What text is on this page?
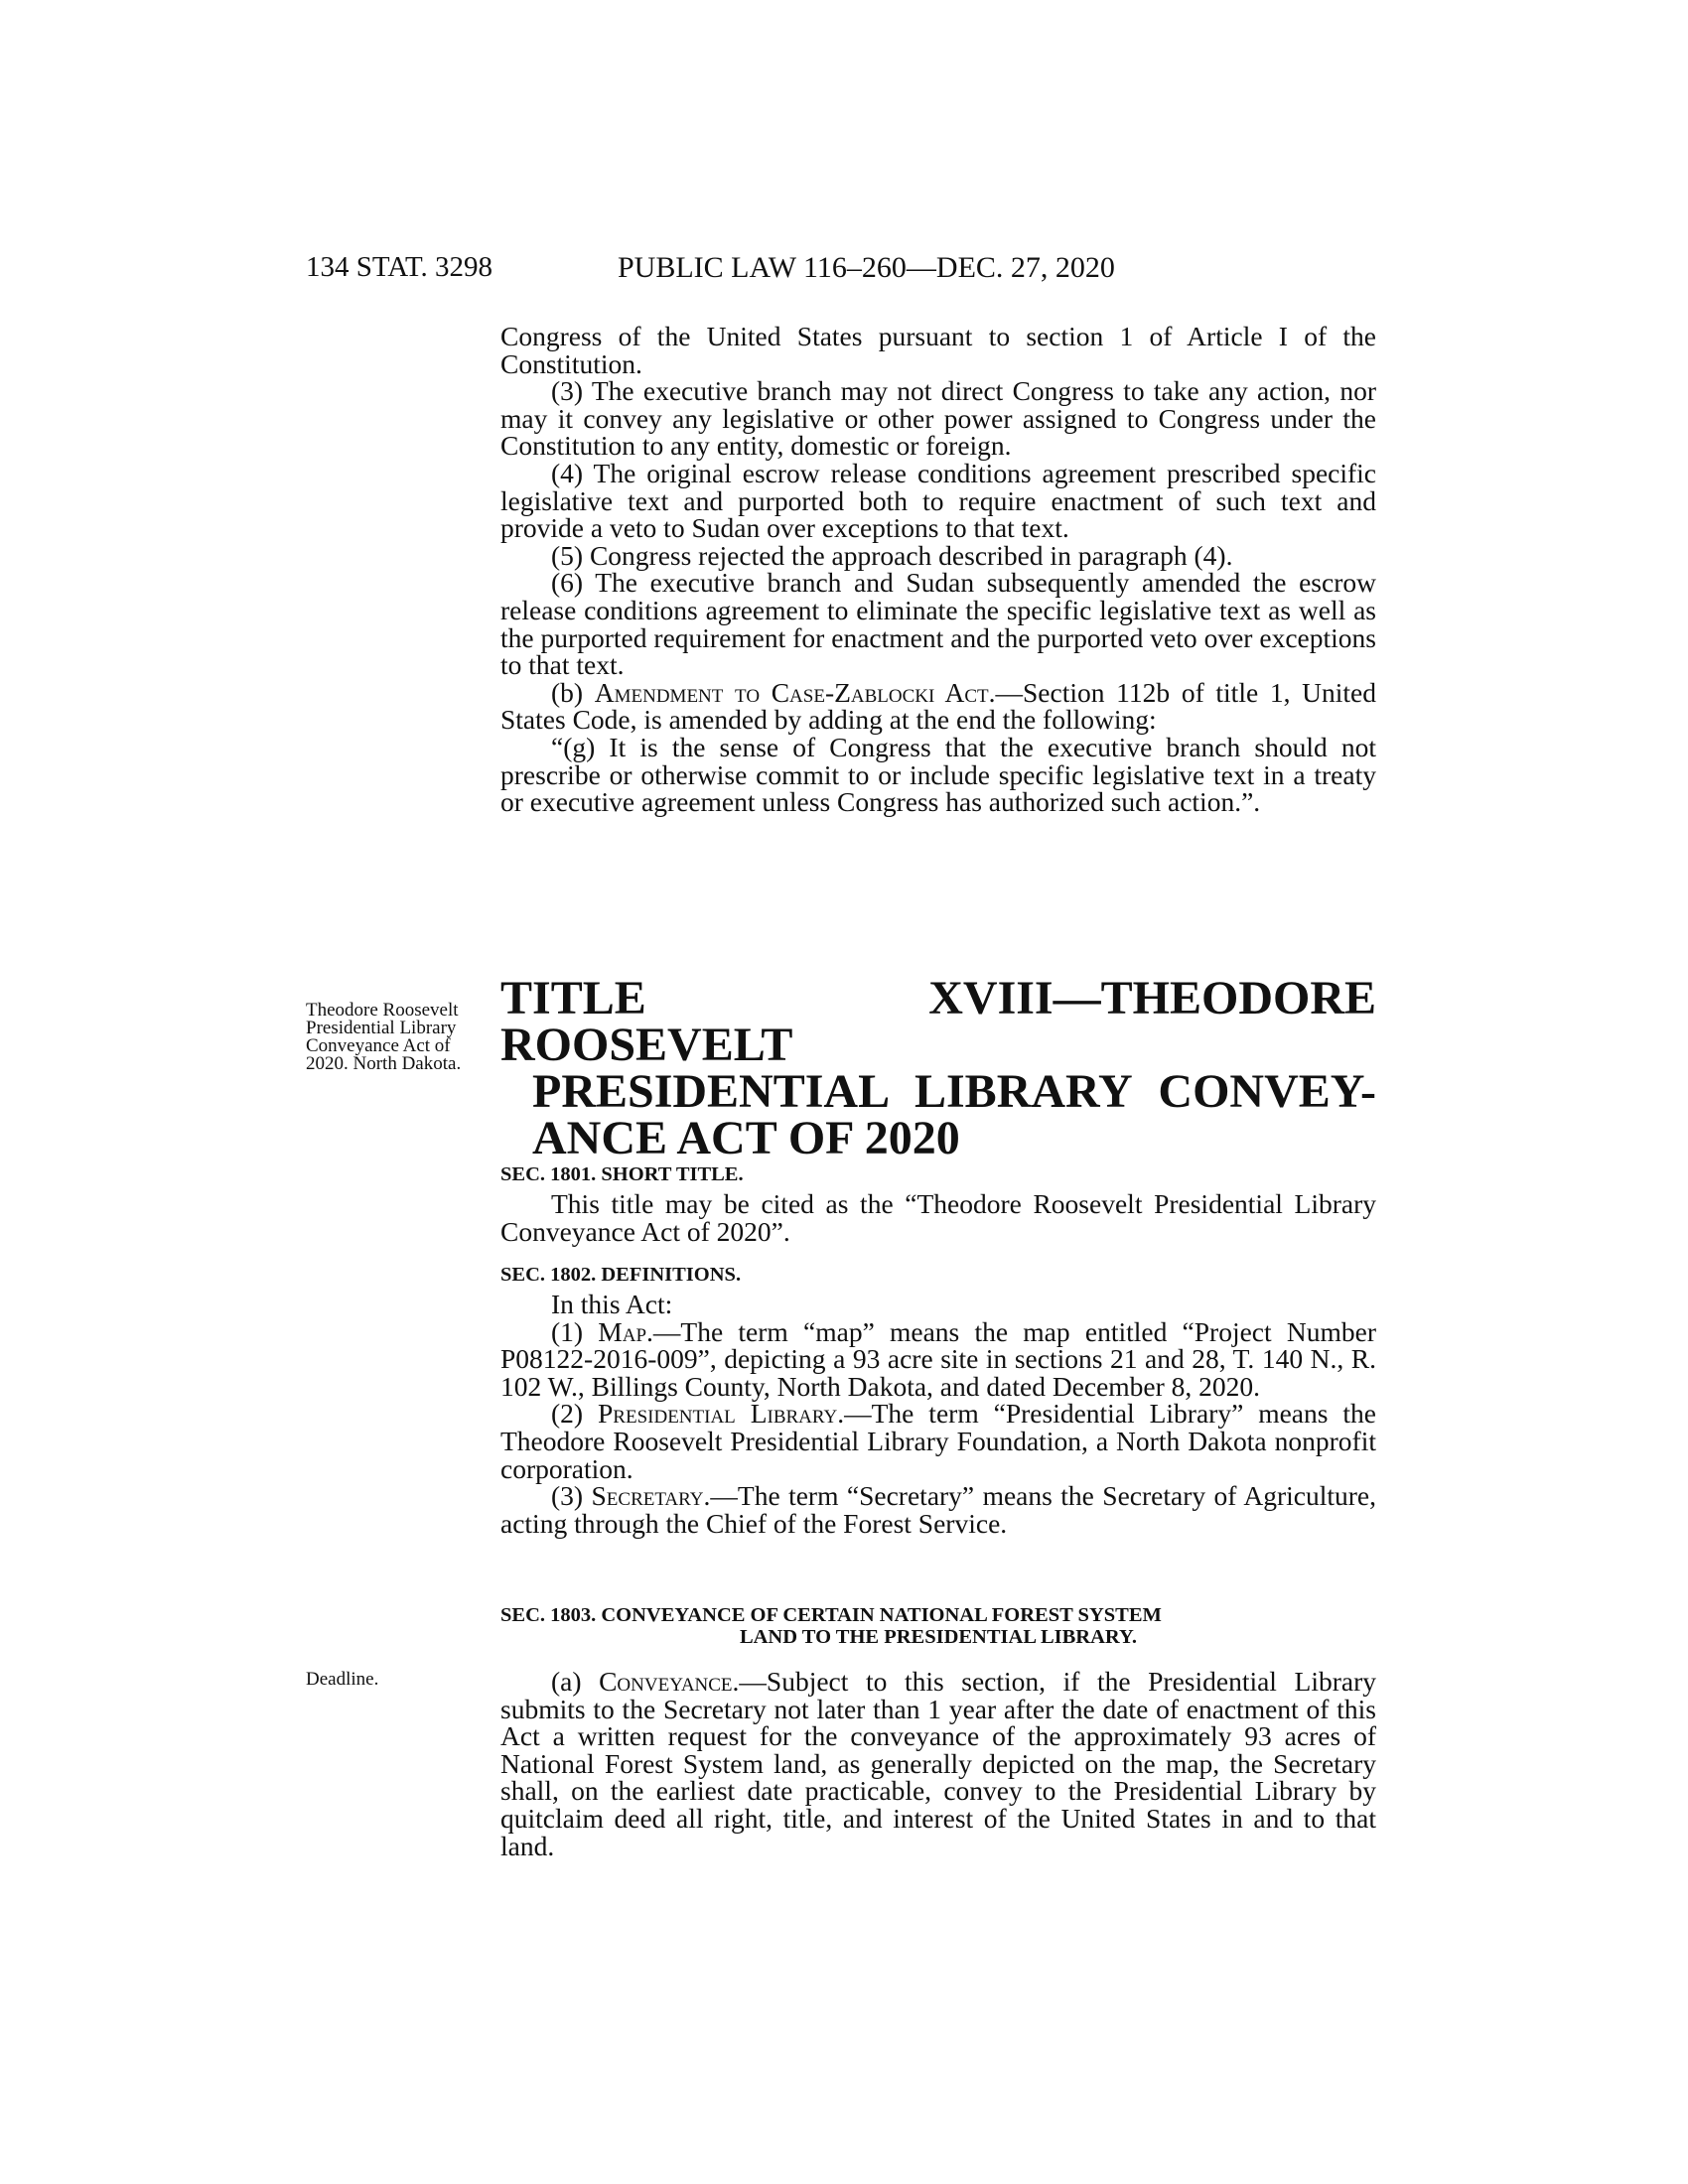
134 STAT. 3298	PUBLIC LAW 116–260—DEC. 27, 2020

Congress of the United States pursuant to section 1 of Article I of the Constitution.

(3) The executive branch may not direct Congress to take any action, nor may it convey any legislative or other power assigned to Congress under the Constitution to any entity, domestic or foreign.

(4) The original escrow release conditions agreement prescribed specific legislative text and purported both to require enactment of such text and provide a veto to Sudan over exceptions to that text.

(5) Congress rejected the approach described in paragraph (4).

(6) The executive branch and Sudan subsequently amended the escrow release conditions agreement to eliminate the specific legislative text as well as the purported requirement for enactment and the purported veto over exceptions to that text.

(b) Amendment to Case-Zablocki Act.—Section 112b of title 1, United States Code, is amended by adding at the end the following:

“(g) It is the sense of Congress that the executive branch should not prescribe or otherwise commit to or include specific legislative text in a treaty or executive agreement unless Congress has authorized such action.”.

Theodore Roosevelt Presidential Library Conveyance Act of 2020. North Dakota.
TITLE XVIII—THEODORE ROOSEVELT
PRESIDENTIAL LIBRARY CONVEY-
ANCE ACT OF 2020
SEC. 1801. SHORT TITLE.

This title may be cited as the “Theodore Roosevelt Presidential Library Conveyance Act of 2020”.

SEC. 1802. DEFINITIONS.

In this Act:

(1) Map.—The term “map” means the map entitled “Project Number P08122-2016-009”, depicting a 93 acre site in sections 21 and 28, T. 140 N., R. 102 W., Billings County, North Dakota, and dated December 8, 2020.

(2) Presidential Library.—The term “Presidential Library” means the Theodore Roosevelt Presidential Library Foundation, a North Dakota nonprofit corporation.

(3) Secretary.—The term “Secretary” means the Secretary of Agriculture, acting through the Chief of the Forest Service.

SEC. 1803. CONVEYANCE OF CERTAIN NATIONAL FOREST SYSTEM
LAND TO THE PRESIDENTIAL LIBRARY.
Deadline.	(a) Conveyance.—Subject to this section, if the Presidential Library submits to the Secretary not later than 1 year after the date of enactment of this Act a written request for the conveyance of the approximately 93 acres of National Forest System land, as generally depicted on the map, the Secretary shall, on the earliest date practicable, convey to the Presidential Library by quitclaim deed all right, title, and interest of the United States in and to that land.
